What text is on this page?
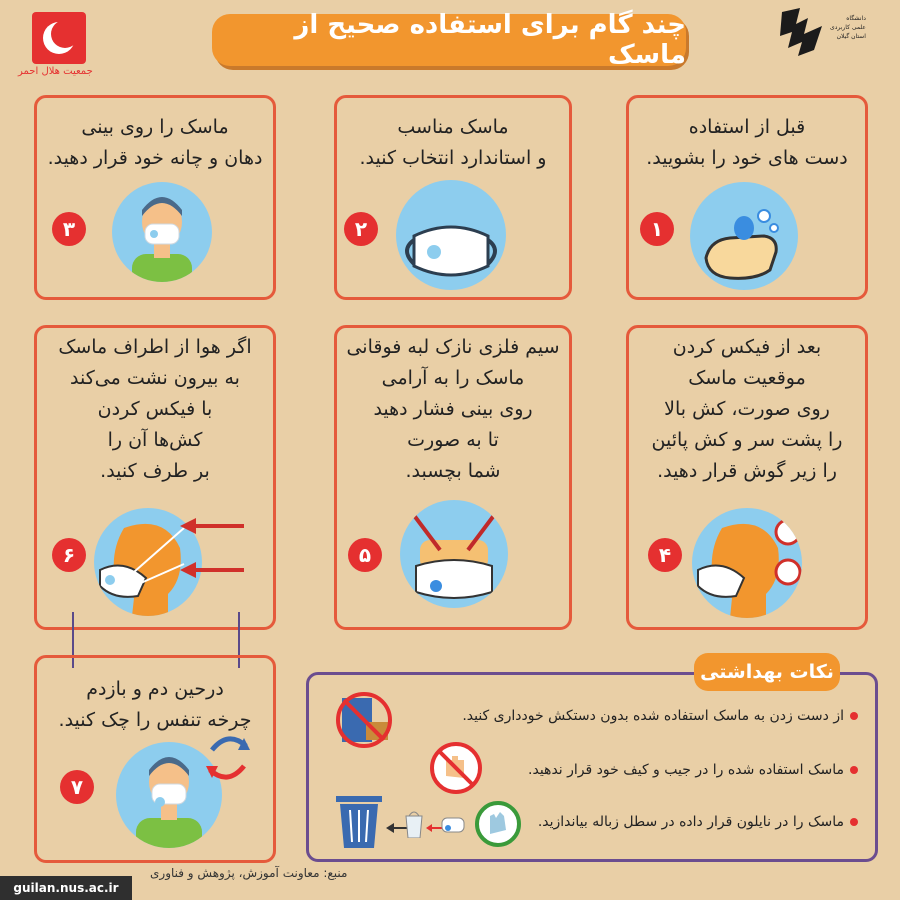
جمعیت هلال احمر
چند گام برای استفاده صحیح از ماسک
دانشگاه
علمی کاربردی
استان گیلان
ماسک را روی بینی
دهان و چانه خود قرار دهید.
ماسک مناسب
و استاندارد انتخاب کنید.
قبل از استفاده
دست های خود را بشویید.
۳	۲	۱
اگر هوا از اطراف ماسک
به بیرون نشت می‌کند
با فیکس کردن
کش‌ها آن را
بر طرف کنید.
سیم فلزی نازک لبه فوقانی
ماسک را به آرامی
روی بینی فشار دهید
تا به صورت
شما بچسبد.
بعد از فیکس کردن
موقعیت ماسک
روی صورت، کش بالا
را پشت سر و کش پائین
را زیر گوش قرار دهید.
۶	۵	۴
درحین دم و بازدم
چرخه تنفس را چک کنید.
۷
نکات بهداشتی
از دست زدن به ماسک استفاده شده بدون دستکش خودداری کنید.
ماسک استفاده شده را در جیب و کیف خود قرار ندهید.
ماسک را در نایلون قرار داده در سطل زباله بیاندازید.
منبع: معاونت آموزش، پژوهش و فناوری
guilan.nus.ac.ir
